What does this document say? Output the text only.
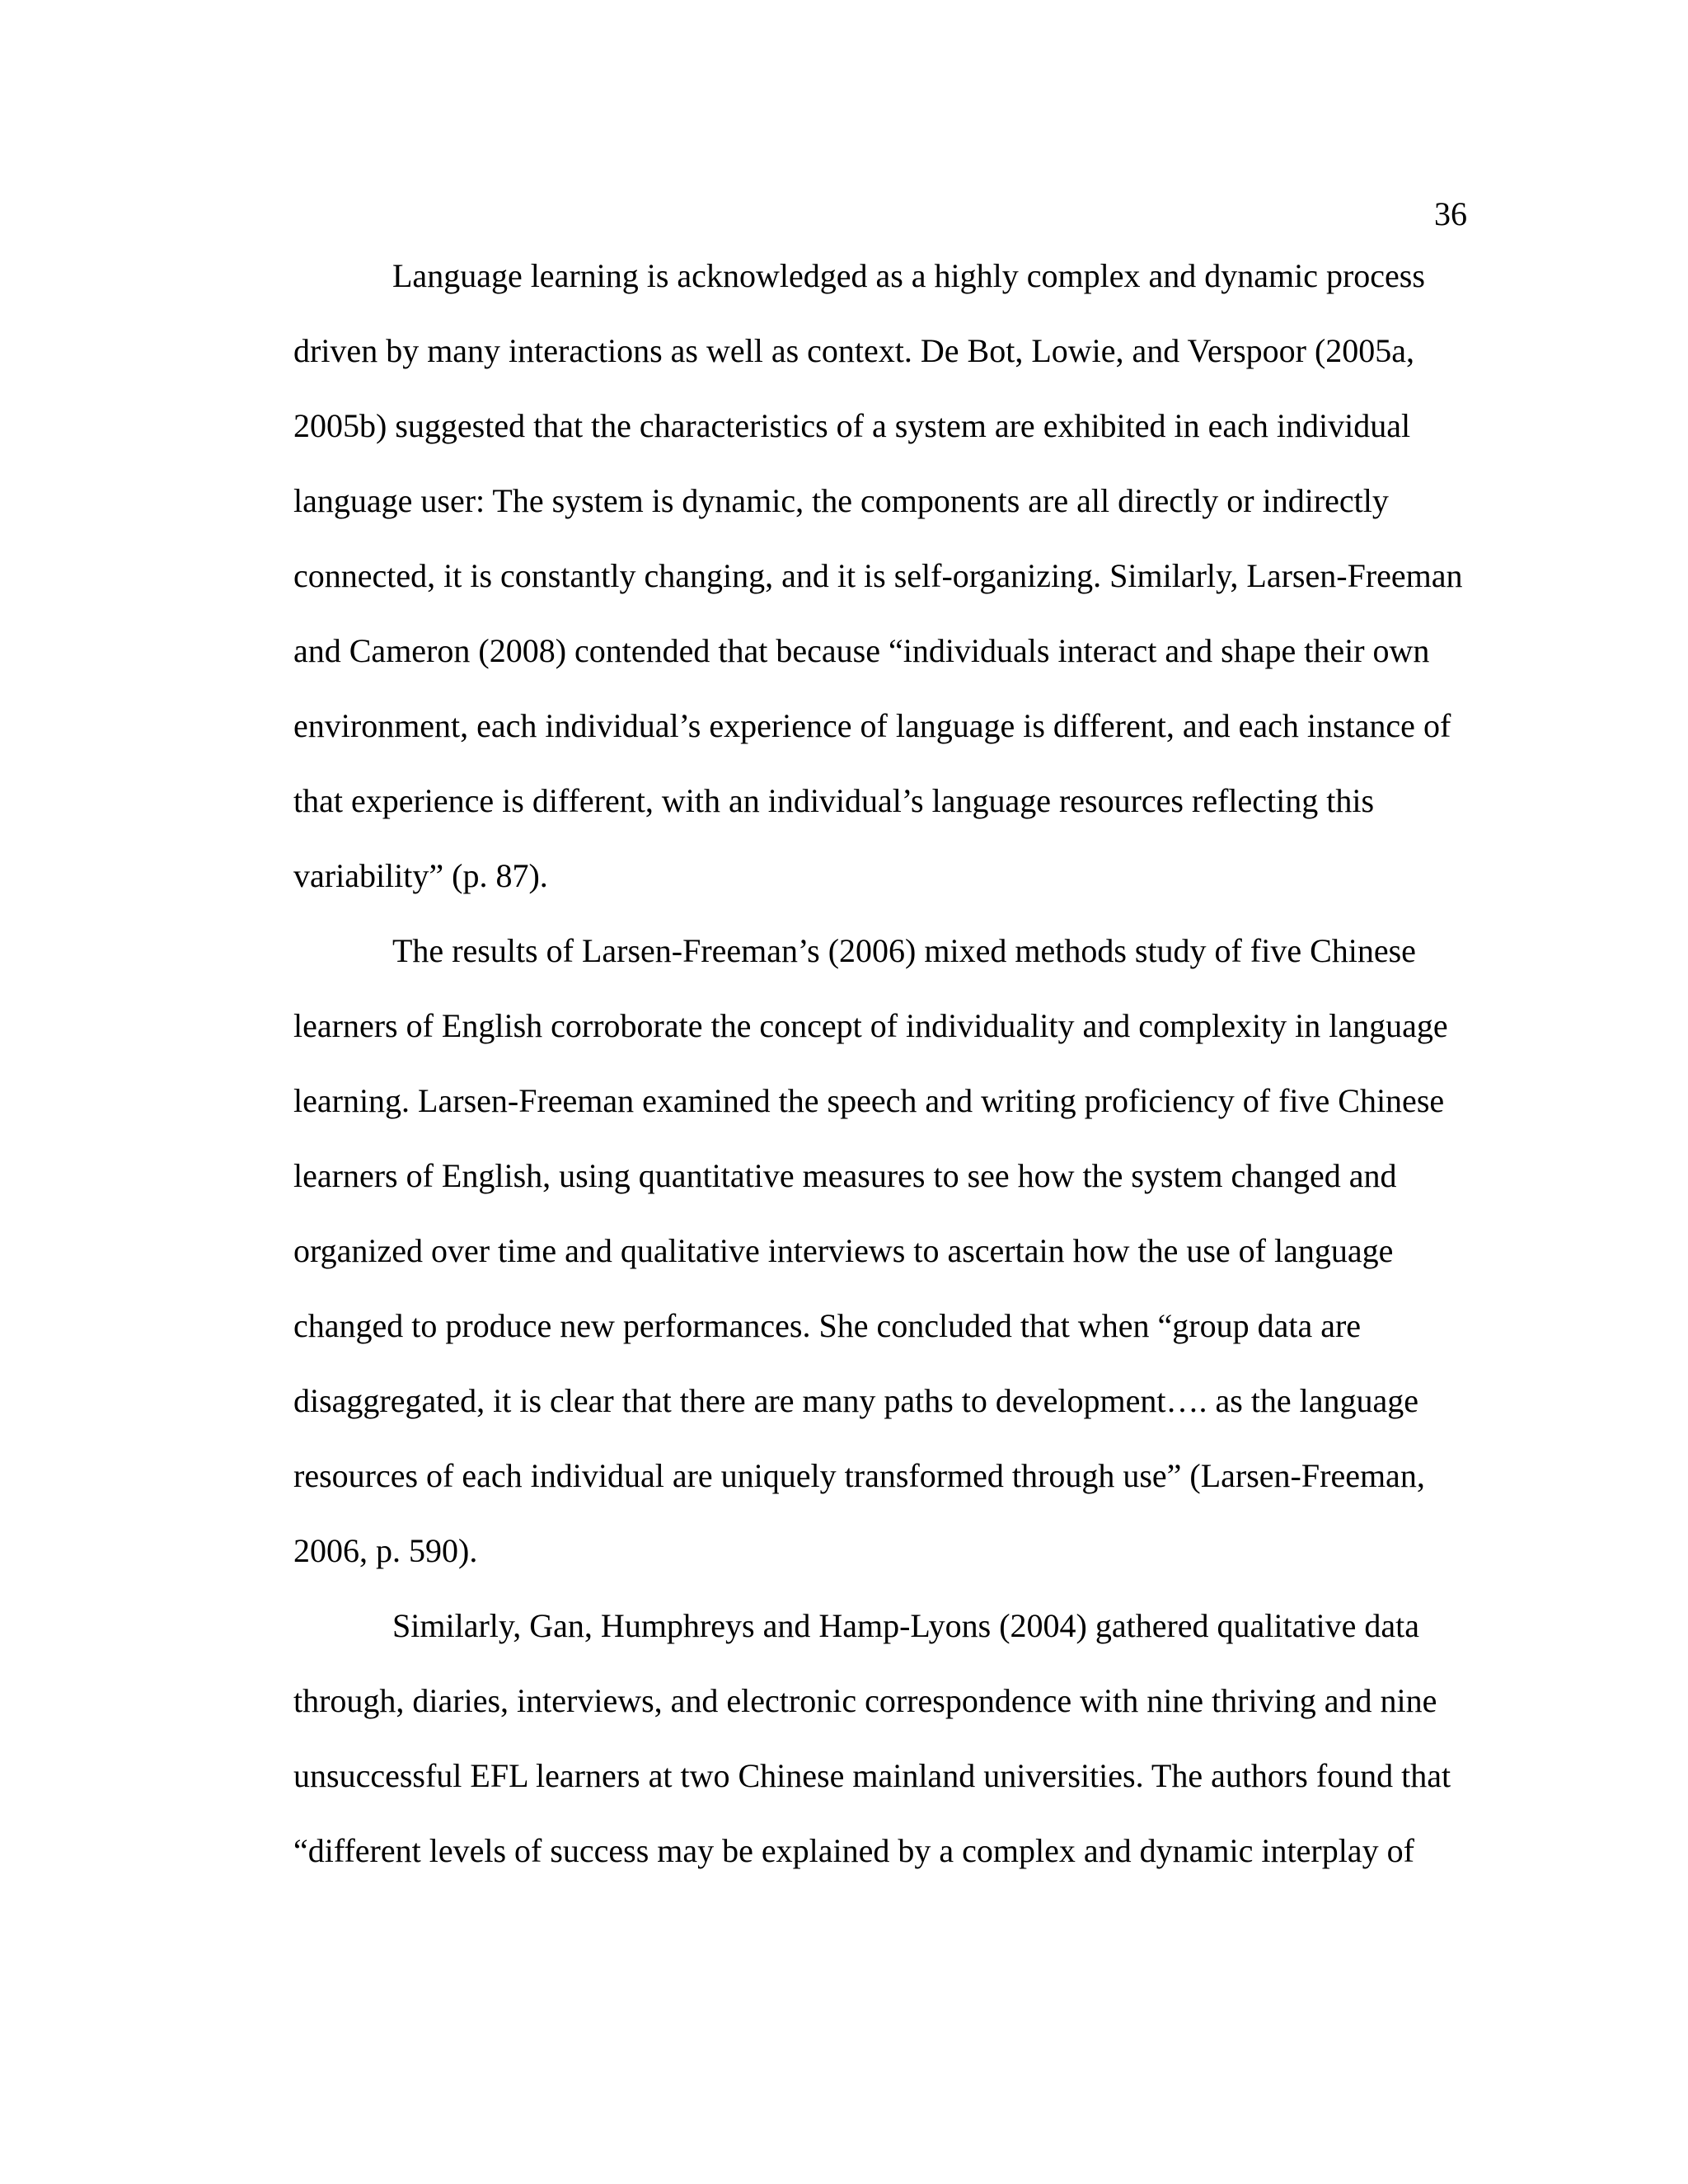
36
Language learning is acknowledged as a highly complex and dynamic process
driven by many interactions as well as context. De Bot, Lowie, and Verspoor (2005a,
2005b) suggested that the characteristics of a system are exhibited in each individual
language user: The system is dynamic, the components are all directly or indirectly
connected, it is constantly changing, and it is self-organizing. Similarly, Larsen-Freeman
and Cameron (2008) contended that because “individuals interact and shape their own
environment, each individual’s experience of language is different, and each instance of
that experience is different, with an individual’s language resources reflecting this
variability” (p. 87).
The results of Larsen-Freeman’s (2006) mixed methods study of five Chinese
learners of English corroborate the concept of individuality and complexity in language
learning. Larsen-Freeman examined the speech and writing proficiency of five Chinese
learners of English, using quantitative measures to see how the system changed and
organized over time and qualitative interviews to ascertain how the use of language
changed to produce new performances. She concluded that when “group data are
disaggregated, it is clear that there are many paths to development…. as the language
resources of each individual are uniquely transformed through use” (Larsen-Freeman,
2006, p. 590).
Similarly, Gan, Humphreys and Hamp-Lyons (2004) gathered qualitative data
through, diaries, interviews, and electronic correspondence with nine thriving and nine
unsuccessful EFL learners at two Chinese mainland universities. The authors found that
“different levels of success may be explained by a complex and dynamic interplay of
